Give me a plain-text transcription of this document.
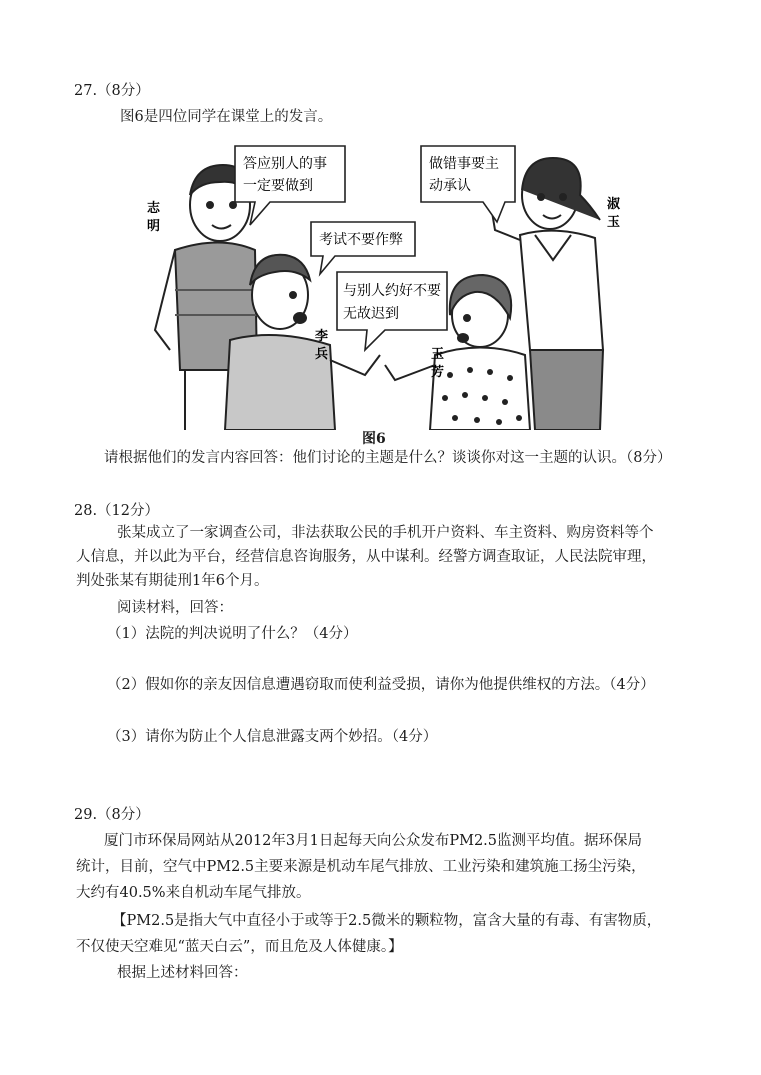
27.（8分）
图6是四位同学在课堂上的发言。
答应别人的事
一定要做到
做错事要主
动承认
考试不要作弊
与别人约好不要
无故迟到
志
明
淑
玉
李
兵	玉
芳
图6
请根据他们的发言内容回答：他们讨论的主题是什么？谈谈你对这一主题的认识。（8分）
28.（12分）
张某成立了一家调查公司，非法获取公民的手机开户资料、车主资料、购房资料等个
人信息，并以此为平台，经营信息咨询服务，从中谋利。经警方调查取证，人民法院审理，
判处张某有期徒刑1年6个月。
阅读材料，回答：
（1）法院的判决说明了什么？（4分）
（2）假如你的亲友因信息遭遇窃取而使利益受损，请你为他提供维权的方法。（4分）
（3）请你为防止个人信息泄露支两个妙招。（4分）
29.（8分）
厦门市环保局网站从2012年3月1日起每天向公众发布PM2.5监测平均值。据环保局
统计，目前，空气中PM2.5主要来源是机动车尾气排放、工业污染和建筑施工扬尘污染，
大约有40.5%来自机动车尾气排放。
【PM2.5是指大气中直径小于或等于2.5微米的颗粒物，富含大量的有毒、有害物质，
不仅使天空难见“蓝天白云”，而且危及人体健康。】
根据上述材料回答：
